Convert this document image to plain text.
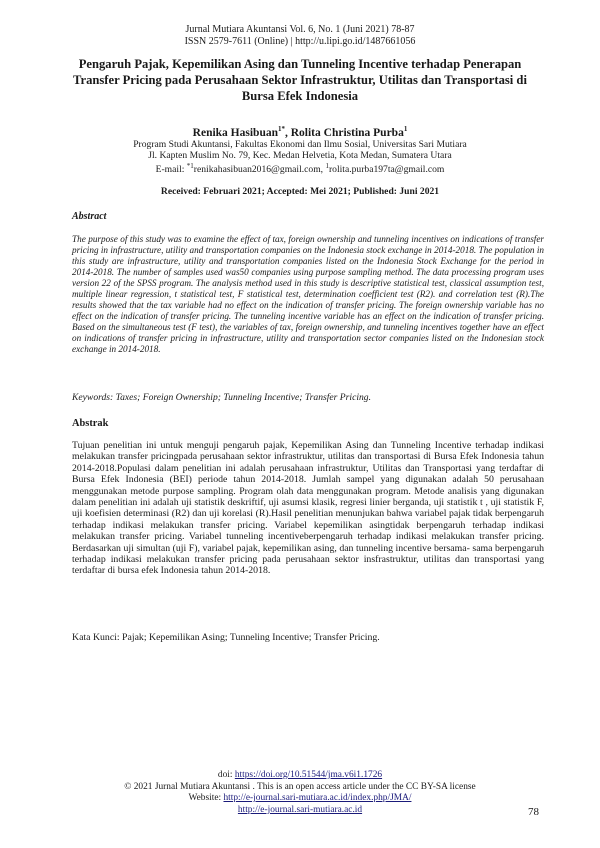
Jurnal Mutiara Akuntansi Vol. 6, No. 1 (Juni 2021) 78-87
ISSN 2579-7611 (Online) | http://u.lipi.go.id/1487661056
Pengaruh Pajak, Kepemilikan Asing dan Tunneling Incentive terhadap Penerapan Transfer Pricing pada Perusahaan Sektor Infrastruktur, Utilitas dan Transportasi di Bursa Efek Indonesia
Renika Hasibuan$^{1*}$, Rolita Christina Purba$^1$
Program Studi Akuntansi, Fakultas Ekonomi dan Ilmu Sosial, Universitas Sari Mutiara
Jl. Kapten Muslim No. 79, Kec. Medan Helvetia, Kota Medan, Sumatera Utara
E-mail: $^{*1}$renikahasibuan2016@gmail.com, $^1$rolita.purba197ta@gmail.com
Received: Februari 2021; Accepted: Mei 2021; Published: Juni 2021
Abstract
The purpose of this study was to examine the effect of tax, foreign ownership and tunneling incentives on indications of transfer pricing in infrastructure, utility and transportation companies on the Indonesia stock exchange in 2014-2018. The population in this study are infrastructure, utility and transportation companies listed on the Indonesia Stock Exchange for the period in 2014-2018. The number of samples used was50 companies using purpose sampling method. The data processing program uses version 22 of the SPSS program. The analysis method used in this study is descriptive statistical test, classical assumption test, multiple linear regression, t statistical test, F statistical test, determination coefficient test (R2). and correlation test (R).The results showed that the tax variable had no effect on the indication of transfer pricing. The foreign ownership variable has no effect on the indication of transfer pricing. The tunneling incentive variable has an effect on the indication of transfer pricing. Based on the simultaneous test (F test), the variables of tax, foreign ownership, and tunneling incentives together have an effect on indications of transfer pricing in infrastructure, utility and transportation sector companies listed on the Indonesian stock exchange in 2014-2018.
Keywords: Taxes; Foreign Ownership; Tunneling Incentive; Transfer Pricing.
Abstrak
Tujuan penelitian ini untuk menguji pengaruh pajak, Kepemilikan Asing dan Tunneling Incentive terhadap indikasi melakukan transfer pricingpada perusahaan sektor infrastruktur, utilitas dan transportasi di Bursa Efek Indonesia tahun 2014-2018.Populasi dalam penelitian ini adalah perusahaan infrastruktur, Utilitas dan Transportasi yang terdaftar di Bursa Efek Indonesia (BEI) periode tahun 2014-2018. Jumlah sampel yang digunakan adalah 50 perusahaan menggunakan metode purpose sampling. Program olah data menggunakan program. Metode analisis yang digunakan dalam penelitian ini adalah uji statistik deskriftif, uji asumsi klasik, regresi linier berganda, uji statistik t , uji statistik F, uji koefisien determinasi (R2) dan uji korelasi (R).Hasil penelitian menunjukan bahwa variabel pajak tidak berpengaruh terhadap indikasi melakukan transfer pricing. Variabel kepemilikan asingtidak berpengaruh terhadap indikasi melakukan transfer pricing. Variabel tunneling incentiveberpengaruh terhadap indikasi melakukan transfer pricing. Berdasarkan uji simultan (uji F), variabel pajak, kepemilikan asing, dan tunneling incentive bersama- sama berpengaruh terhadap indikasi melakukan transfer pricing pada perusahaan sektor insfrastruktur, utilitas dan transportasi yang terdaftar di bursa efek Indonesia tahun 2014-2018.
Kata Kunci: Pajak; Kepemilikan Asing; Tunneling Incentive; Transfer Pricing.
doi: https://doi.org/10.51544/jma.v6i1.1726
© 2021 Jurnal Mutiara Akuntansi . This is an open access article under the CC BY-SA license
Website: http://e-journal.sari-mutiara.ac.id/index.php/JMA/
http://e-journal.sari-mutiara.ac.id	78
